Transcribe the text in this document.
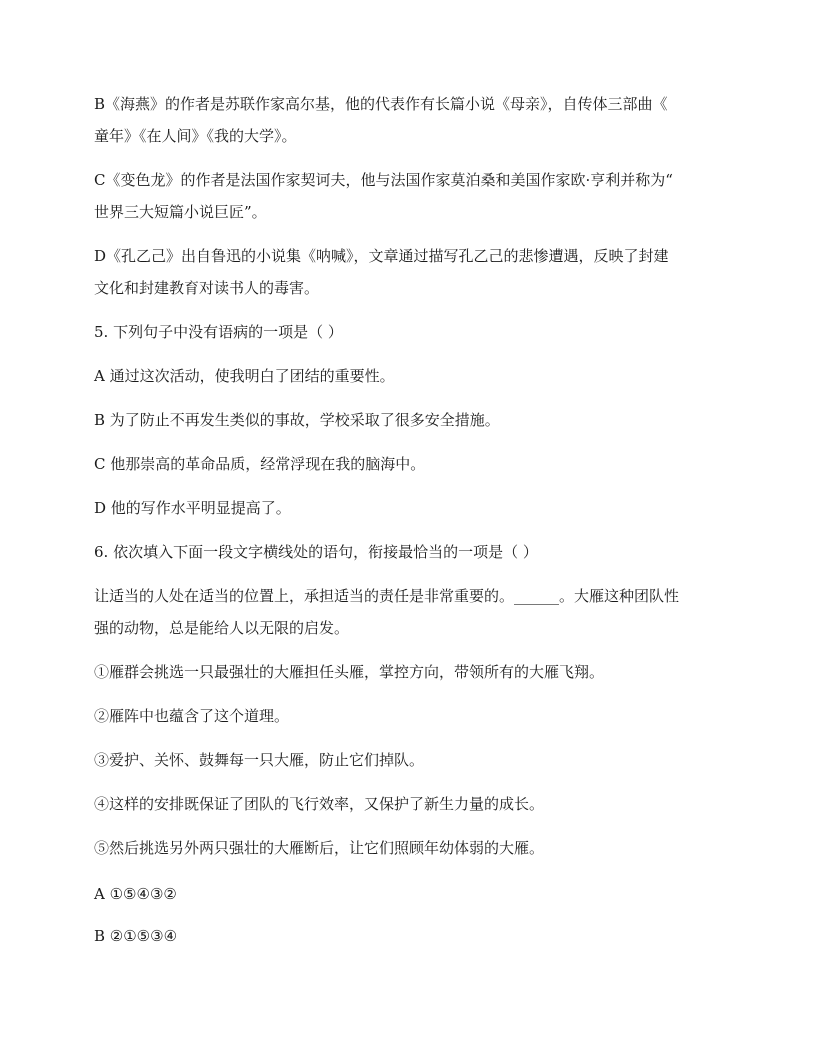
B《海燕》的作者是苏联作家高尔基，他的代表作有长篇小说《母亲》，自传体三部曲《
童年》《在人间》《我的大学》。
C《变色龙》的作者是法国作家契诃夫，他与法国作家莫泊桑和美国作家欧·亨利并称为“
世界三大短篇小说巨匠”。
D《孔乙己》出自鲁迅的小说集《呐喊》，文章通过描写孔乙己的悲惨遭遇，反映了封建
文化和封建教育对读书人的毒害。
5. 下列句子中没有语病的一项是（ ）
A 通过这次活动，使我明白了团结的重要性。
B 为了防止不再发生类似的事故，学校采取了很多安全措施。
C 他那崇高的革命品质，经常浮现在我的脑海中。
D 他的写作水平明显提高了。
6. 依次填入下面一段文字横线处的语句，衔接最恰当的一项是（ ）
让适当的人处在适当的位置上，承担适当的责任是非常重要的。______。大雁这种团队性
强的动物，总是能给人以无限的启发。
①雁群会挑选一只最强壮的大雁担任头雁，掌控方向，带领所有的大雁飞翔。
②雁阵中也蕴含了这个道理。
③爱护、关怀、鼓舞每一只大雁，防止它们掉队。
④这样的安排既保证了团队的飞行效率，又保护了新生力量的成长。
⑤然后挑选另外两只强壮的大雁断后，让它们照顾年幼体弱的大雁。
A ①⑤④③②
B ②①⑤③④
